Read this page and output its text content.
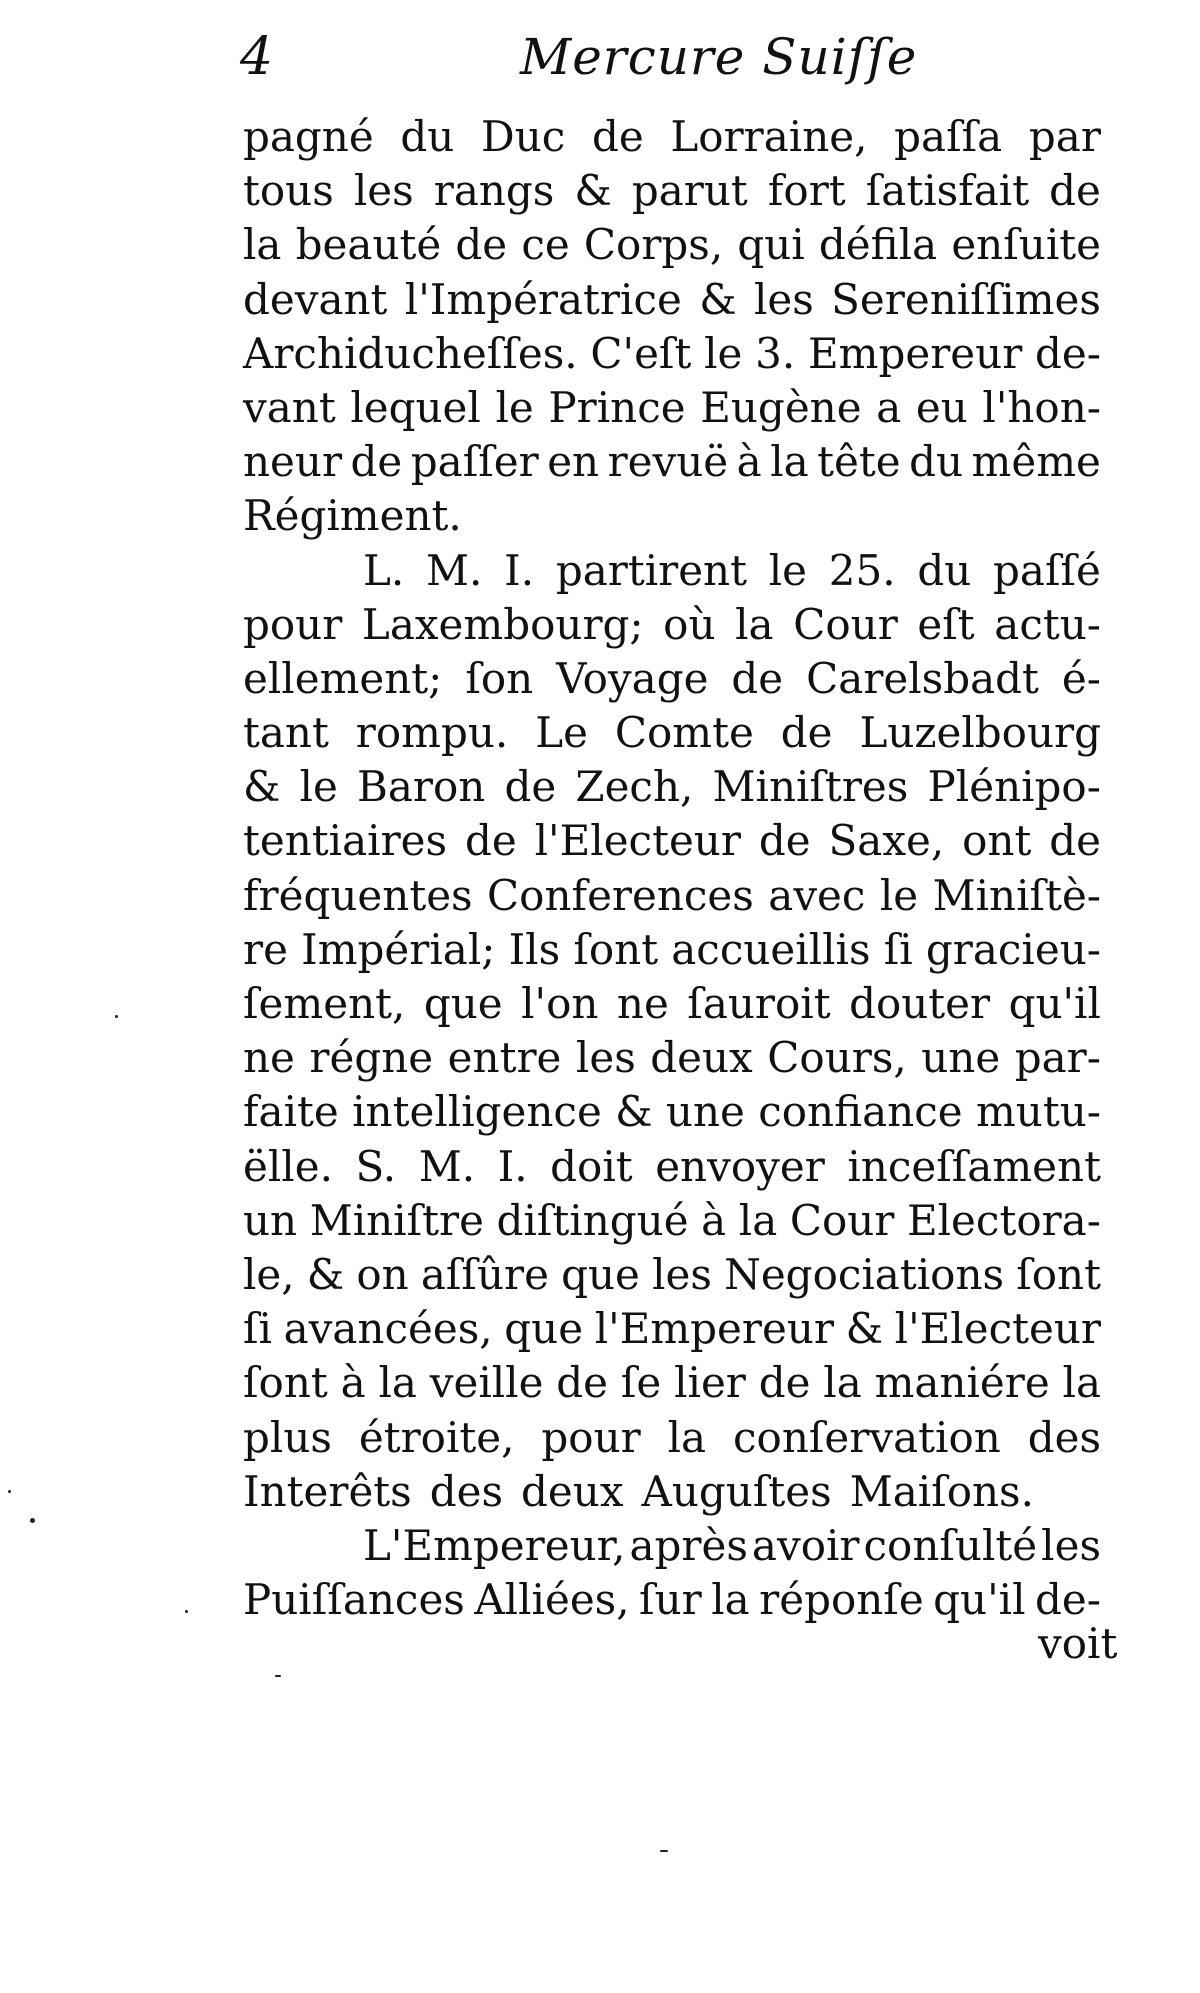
4	Mercure Suiſſe
pagné du Duc de Lorraine, paſſa par
tous les rangs & parut fort ſatisfait de
la beauté de ce Corps, qui défila enſuite
devant l'Impératrice & les Sereniſſimes
Archiducheſſes. C'eſt le 3. Empereur de-
vant lequel le Prince Eugène a eu l'hon-
neur de paſſer en revuë à la tête du même
Régiment.
L. M. I. partirent le 25. du paſſé
pour Laxembourg; où la Cour eſt actu-
ellement; ſon Voyage de Carelsbadt é-
tant rompu. Le Comte de Luzelbourg
& le Baron de Zech, Miniſtres Plénipo-
tentiaires de l'Electeur de Saxe, ont de
fréquentes Conferences avec le Miniſtè-
re Impérial; Ils ſont accueillis ſi gracieu-
ſement, que l'on ne ſauroit douter qu'il
ne régne entre les deux Cours, une par-
faite intelligence & une confiance mutu-
ëlle. S. M. I. doit envoyer inceſſament
un Miniſtre diſtingué à la Cour Electora-
le, & on aſſûre que les Negociations ſont
ſi avancées, que l'Empereur & l'Electeur
ſont à la veille de ſe lier de la maniére la
plus étroite, pour la conſervation des
Interêts des deux Auguſtes Maiſons.
L'Empereur, après avoir conſulté les
Puiſſances Alliées, ſur la réponſe qu'il de-
voit
